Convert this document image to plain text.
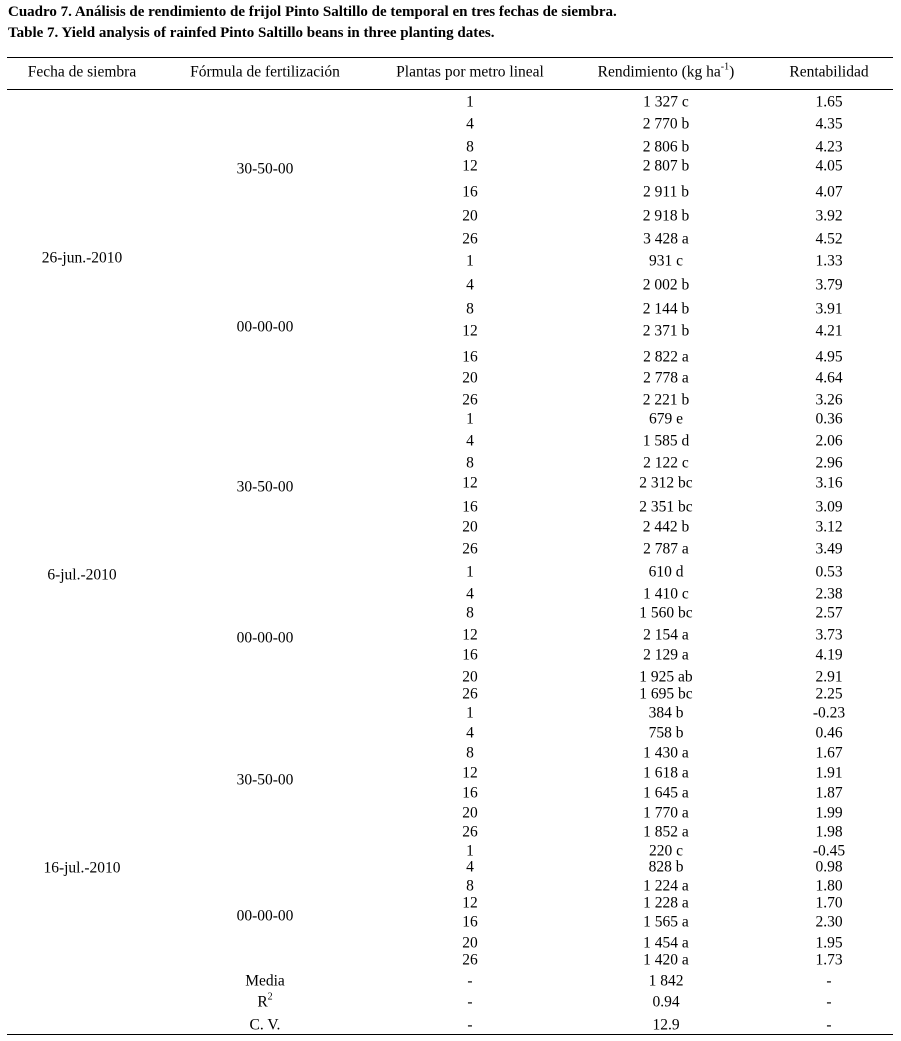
Cuadro 7. Análisis de rendimiento de frijol Pinto Saltillo de temporal en tres fechas de siembra.
Table 7. Yield analysis of rainfed Pinto Saltillo beans in three planting dates.
Fecha de siembra	Fórmula de fertilización	Plantas por metro lineal	Rendimiento (kg $ha^{-1}$)	Rentabilidad
26-jun.-2010
30-50-00
1	1 327 c	1.65
4	2 770 b	4.35
8	2 806 b	4.23
12	2 807 b	4.05
16	2 911 b	4.07
20	2 918 b	3.92
26	3 428 a	4.52
00-00-00
1	931 c	1.33
4	2 002 b	3.79
8	2 144 b	3.91
12	2 371 b	4.21
16	2 822 a	4.95
20	2 778 a	4.64
26	2 221 b	3.26
6-jul.-2010
30-50-00
1	679 e	0.36
4	1 585 d	2.06
8	2 122 c	2.96
12	2 312 bc	3.16
16	2 351 bc	3.09
20	2 442 b	3.12
26	2 787 a	3.49
00-00-00
1	610 d	0.53
4	1 410 c	2.38
8	1 560 bc	2.57
12	2 154 a	3.73
16	2 129 a	4.19
20	1 925 ab	2.91
26	1 695 bc	2.25
16-jul.-2010
30-50-00
1	384 b	-0.23
4	758 b	0.46
8	1 430 a	1.67
12	1 618 a	1.91
16	1 645 a	1.87
20	1 770 a	1.99
26	1 852 a	1.98
00-00-00
1	220 c	-0.45
4	828 b	0.98
8	1 224 a	1.80
12	1 228 a	1.70
16	1 565 a	2.30
20	1 454 a	1.95
26	1 420 a	1.73
Media	-	1 842	-
$R^2$	-	0.94	-
C. V.	-	12.9	-
